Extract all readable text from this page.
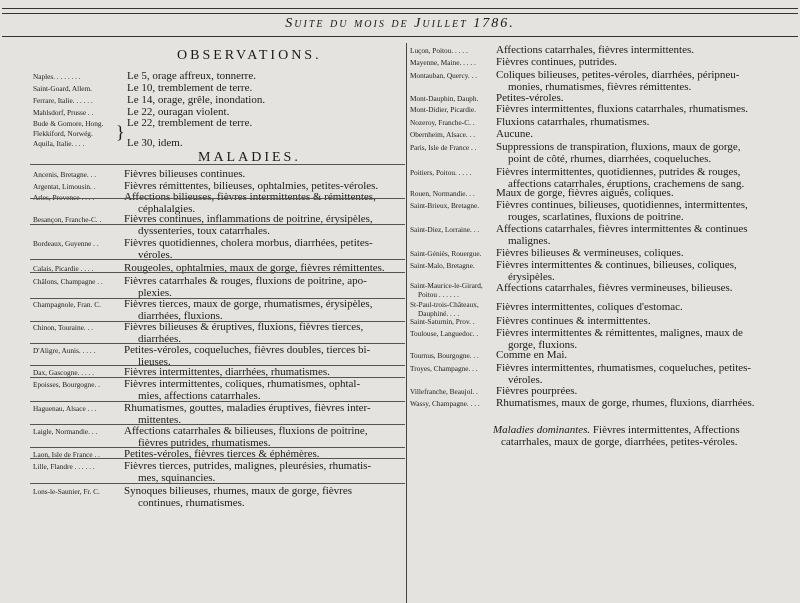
Suite du mois de Juillet 1786.
OBSERVATIONS.
MALADIES.
Maladies dominantes. Fièvres intermittentes, Affections
catarrhales, maux de gorge, diarrhées, petites-véroles.
Naples. . . . . . . .	Le 5, orage affreux, tonnerre.
Saint-Goard, Allem.	Le 10, tremblement de terre.
Ferrare, Italie. . . . . .	Le 14, orage, grêle, inondation.
Mahlsdorf, Prusse . .	Le 22, ouragan violent.
Bude & Gomore, Hong. Le 22, tremblement de terre.
Flekkiford, Norwég.
Aquila, Italie. . . .	Le 30, idem.
}
Ancenis, Bretagne. . .	Fièvres bilieuses continues.
Argentat, Limousin. .	Fièvres rémittentes, bilieuses, ophtalmies, petites-véroles.
Arles, Provence . . . .	Affections bilieuses, fièvres intermittentes & rémittentes,
céphalalgies.
Besançon, Franche-C. . Fièvres continues, inflammations de poitrine, érysipèles,
dyssenteries, toux catarrhales.
Bordeaux, Guyenne . . Fièvres quotidiennes, cholera morbus, diarrhées, petites-
véroles.
Calais, Picardie . . . .	Rougeoles, ophtalmies, maux de gorge, fièvres rémittentes.
Châlons, Champagne . . Fièvres catarrhales & rouges, fluxions de poitrine, apo-
plexies.
Champagnole, Fran. C. Fièvres tierces, maux de gorge, rhumatismes, érysipèles,
diarrhées, fluxions.
Chinon, Touraine. . .	Fièvres bilieuses & éruptives, fluxions, fièvres tierces,
diarrhées.
D'Aligre, Aunis. . . . .	Petites-véroles, coqueluches, fièvres doubles, tierces bi-
lieuses.
Dax, Gascogne. . . . .	Fièvres intermittentes, diarrhées, rhumatismes.
Epoisses, Bourgogne. . Fièvres intermittentes, coliques, rhumatismes, ophtal-
mies, affections catarrhales.
Haguenau, Alsace . . . Rhumatismes, gouttes, maladies éruptives, fièvres inter-
mittentes.
Laigle, Normandie. . . Affections catarrhales & bilieuses, fluxions de poitrine,
fièvres putrides, rhumatismes.
Laon, Isle de France . . Petites-véroles, fièvres tierces & éphémères.
Lille, Flandre . . . . . .	Fièvres tierces, putrides, malignes, pleurésies, rhumatis-
mes, squinancies.
Lons-le-Saunier, Fr. C. Synoques bilieuses, rhumes, maux de gorge, fièvres
continues, rhumatismes.
Luçon, Poitou. . . . .	Affections catarrhales, fièvres intermittentes.
Mayenne, Maine. . . . . Fièvres continues, putrides.
Montauban, Quercy. . . Coliques bilieuses, petites-véroles, diarrhées, péripneu-
monies, rhumatismes, fièvres rémittentes.
Mont-Dauphin, Dauph. Petites-véroles.
Mont-Didier, Picardie. Fièvres intermittentes, fluxions catarrhales, rhumatismes.
Nozeroy, Franche-C. . Fluxions catarrhales, rhumatismes.
Obernheim, Alsace. . . Aucune.
Paris, Isle de France . . Suppressions de transpiration, fluxions, maux de gorge,
point de côté, rhumes, diarrhées, coqueluches.
Poitiers, Poitou. . . . . Fièvres intermittentes, quotidiennes, putrides & rouges,
affections catarrhales, éruptions, crachemens de sang.
Rouen, Normandie. . . Maux de gorge, fièvres aiguës, coliques.
Saint-Brieux, Bretagne. Fièvres continues, bilieuses, quotidiennes, intermittentes,
rouges, scarlatines, fluxions de poitrine.
Saint-Diez, Lorraine. . . Affections catarrhales, fièvres intermittentes & continues
malignes.
Saint-Géniès, Rouergue. Fièvres bilieuses & vermineuses, coliques.
Saint-Malo, Bretagne. Fièvres intermittentes & continues, bilieuses, coliques,
érysipèles.
Saint-Maurice-le-Girard,
Poitou . . . . . .
Affections catarrhales, fièvres vermineuses, bilieuses.
St-Paul-trois-Châteaux,
Dauphiné. . . .
Fièvres intermittentes, coliques d'estomac.
Saint-Saturnin, Prov. . Fièvres continues & intermittentes.
Toulouse, Languedoc. . Fièvres intermittentes & rémittentes, malignes, maux de
gorge, fluxions.
Tournus, Bourgogne. . . Comme en Mai.
Troyes, Champagne. . . Fièvres intermittentes, rhumatismes, coqueluches, petites-
véroles.
Villefranche, Beaujol. . Fièvres pourprées.
Wassy, Champagne. . . . Rhumatismes, maux de gorge, rhumes, fluxions, diarrhées.
